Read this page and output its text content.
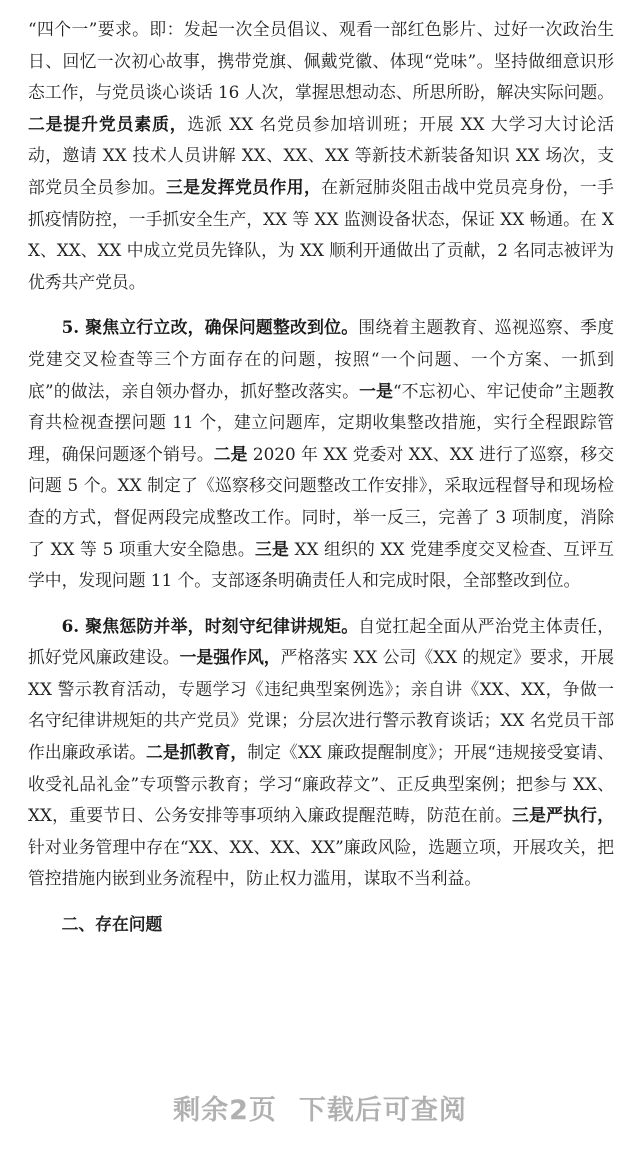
“四个一”要求。即：发起一次全员倡议、观看一部红色影片、过好一次政治生日、回忆一次初心故事，携带党旗、佩戴党徽、体现“党味”。坚持做细意识形态工作，与党员谈心谈话 16 人次，掌握思想动态、所思所盼，解决实际问题。二是提升党员素质，选派 XX 名党员参加培训班；开展 XX 大学习大讨论活动，邀请 XX 技术人员讲解 XX、XX、XX 等新技术新装备知识 XX 场次，支部党员全员参加。三是发挥党员作用，在新冠肺炎阻击战中党员亮身份，一手抓疫情防控，一手抓安全生产，XX 等 XX 监测设备状态，保证 XX 畅通。在 XX、XX、XX 中成立党员先锋队，为 XX 顺利开通做出了贡献，2 名同志被评为优秀共产党员。

5. 聚焦立行立改，确保问题整改到位。围绕着主题教育、巡视巡察、季度党建交叉检查等三个方面存在的问题，按照“一个问题、一个方案、一抓到底”的做法，亲自领办督办，抓好整改落实。一是“不忘初心、牢记使命”主题教育共检视查摆问题 11 个，建立问题库，定期收集整改措施，实行全程跟踪管理，确保问题逐个销号。二是 2020 年 XX 党委对 XX、XX 进行了巡察，移交问题 5 个。XX 制定了《巡察移交问题整改工作安排》，采取远程督导和现场检查的方式，督促两段完成整改工作。同时，举一反三，完善了 3 项制度，消除了 XX 等 5 项重大安全隐患。三是 XX 组织的 XX 党建季度交叉检查、互评互学中，发现问题 11 个。支部逐条明确责任人和完成时限，全部整改到位。

6. 聚焦惩防并举，时刻守纪律讲规矩。自觉扛起全面从严治党主体责任，抓好党风廉政建设。一是强作风，严格落实 XX 公司《XX 的规定》要求，开展 XX 警示教育活动，专题学习《违纪典型案例选》；亲自讲《XX、XX，争做一名守纪律讲规矩的共产党员》党课；分层次进行警示教育谈话；XX 名党员干部作出廉政承诺。二是抓教育，制定《XX 廉政提醒制度》；开展“违规接受宴请、收受礼品礼金”专项警示教育；学习“廉政荐文”、正反典型案例；把参与 XX、XX，重要节日、公务安排等事项纳入廉政提醒范畴，防范在前。三是严执行，针对业务管理中存在“XX、XX、XX、XX”廉政风险，选题立项，开展攻关，把管控措施内嵌到业务流程中，防止权力滥用，谋取不当利益。

二、存在问题

剩余2页 下载后可查阅
